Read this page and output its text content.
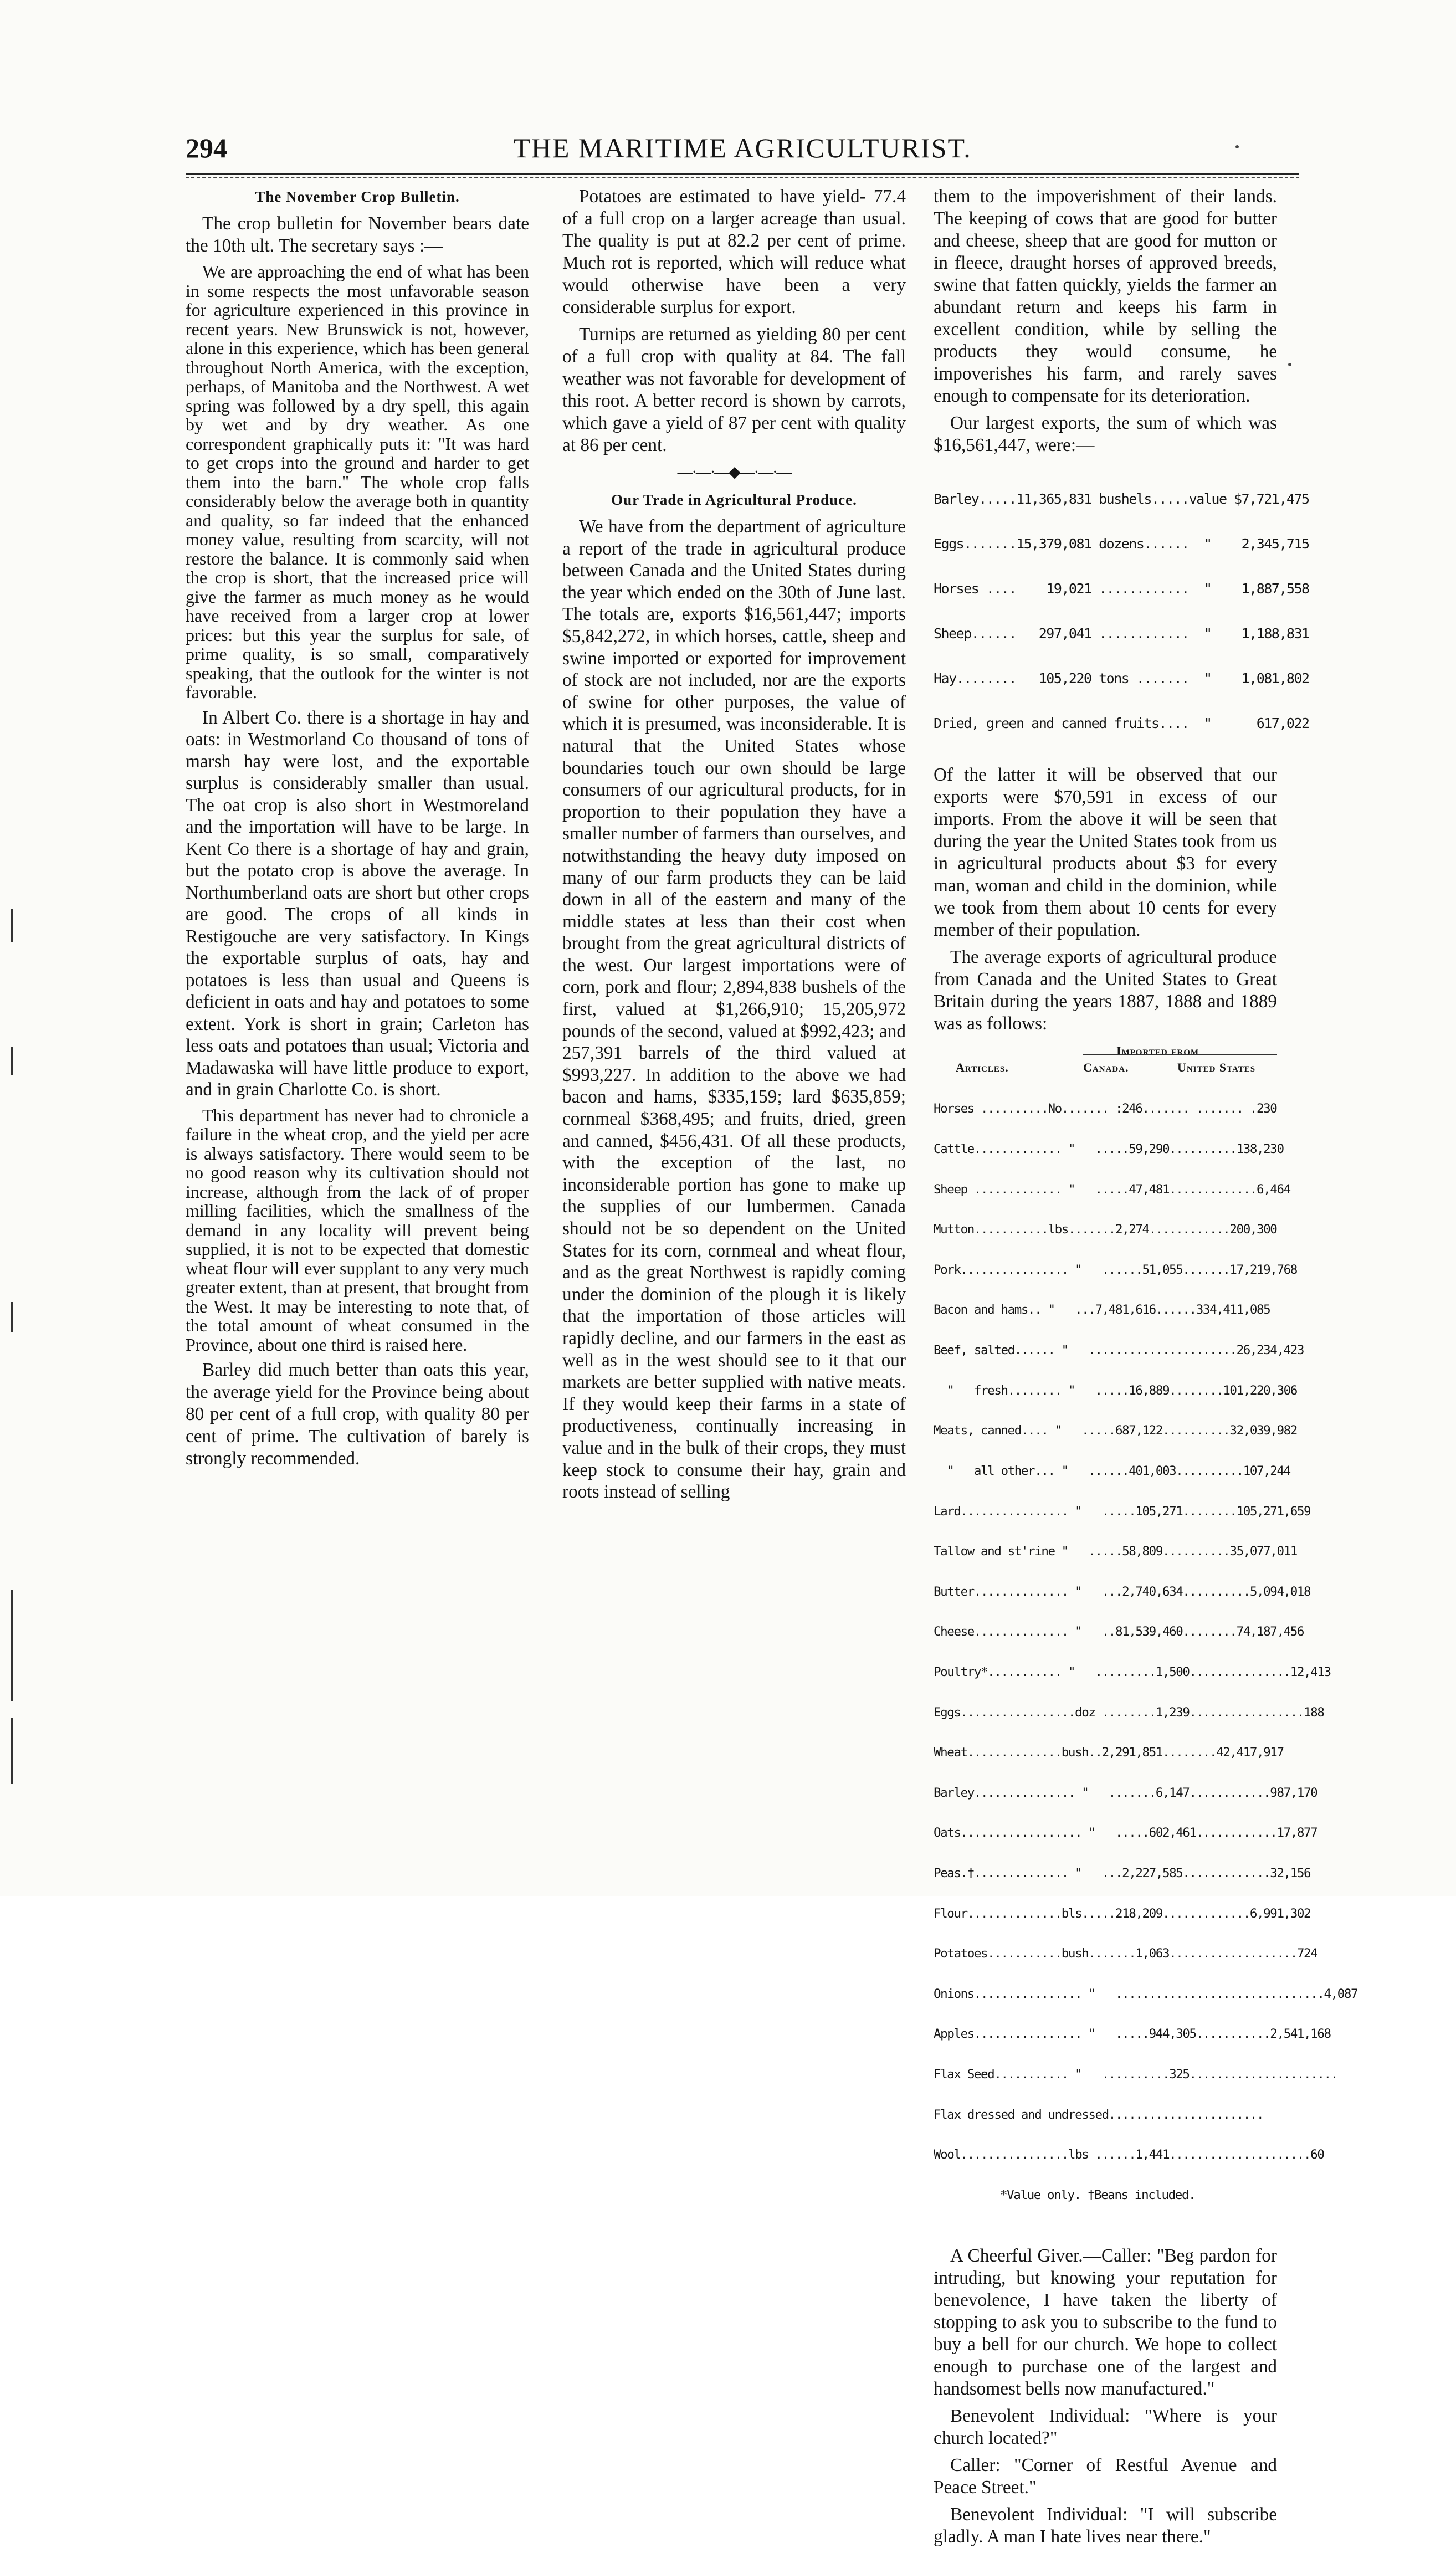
294	THE MARITIME AGRICULTURIST.

The November Crop Bulletin.

The crop bulletin for November bears date the 10th ult. The secretary says :—

We are approaching the end of what has been in some respects the most unfavorable season for agriculture experienced in this province in recent years. New Brunswick is not, however, alone in this experience, which has been general throughout North America, with the exception, perhaps, of Manitoba and the Northwest. A wet spring was followed by a dry spell, this again by wet and by dry weather. As one correspondent graphically puts it: "It was hard to get crops into the ground and harder to get them into the barn." The whole crop falls considerably below the average both in quantity and quality, so far indeed that the enhanced money value, resulting from scarcity, will not restore the balance. It is commonly said when the crop is short, that the increased price will give the farmer as much money as he would have received from a larger crop at lower prices: but this year the surplus for sale, of prime quality, is so small, comparatively speaking, that the outlook for the winter is not favorable.

In Albert Co. there is a shortage in hay and oats: in Westmorland Co thousand of tons of marsh hay were lost, and the exportable surplus is considerably smaller than usual. The oat crop is also short in Westmoreland and the importation will have to be large. In Kent Co there is a shortage of hay and grain, but the potato crop is above the average. In Northumberland oats are short but other crops are good. The crops of all kinds in Restigouche are very satisfactory. In Kings the exportable surplus of oats, hay and potatoes is less than usual and Queens is deficient in oats and hay and potatoes to some extent. York is short in grain; Carleton has less oats and potatoes than usual; Victoria and Madawaska will have little produce to export, and in grain Charlotte Co. is short.

This department has never had to chronicle a failure in the wheat crop, and the yield per acre is always satisfactory. There would seem to be no good reason why its cultivation should not increase, although from the lack of of proper milling facilities, which the smallness of the demand in any locality will prevent being supplied, it is not to be expected that domestic wheat flour will ever supplant to any very much greater extent, than at present, that brought from the West. It may be interesting to note that, of the total amount of wheat consumed in the Province, about one third is raised here.

Barley did much better than oats this year, the average yield for the Province being about 80 per cent of a full crop, with quality 80 per cent of prime. The cultivation of barely is strongly recommended.

Potatoes are estimated to have yield- 77.4 of a full crop on a larger acreage than usual. The quality is put at 82.2 per cent of prime. Much rot is reported, which will reduce what would otherwise have been a very considerable surplus for export.

Turnips are returned as yielding 80 per cent of a full crop with quality at 84. The fall weather was not favorable for development of this root. A better record is shown by carrots, which gave a yield of 87 per cent with quality at 86 per cent.

—·—·—◆—·—·—

Our Trade in Agricultural Produce.

We have from the department of agriculture a report of the trade in agricultural produce between Canada and the United States during the year which ended on the 30th of June last. The totals are, exports $16,561,447; imports $5,842,272, in which horses, cattle, sheep and swine imported or exported for improvement of stock are not included, nor are the exports of swine for other purposes, the value of which it is presumed, was inconsiderable. It is natural that the United States whose boundaries touch our own should be large consumers of our agricultural products, for in proportion to their population they have a smaller number of farmers than ourselves, and notwithstanding the heavy duty imposed on many of our farm products they can be laid down in all of the eastern and many of the middle states at less than their cost when brought from the great agricultural districts of the west. Our largest importations were of corn, pork and flour; 2,894,838 bushels of the first, valued at $1,266,910; 15,205,972 pounds of the second, valued at $992,423; and 257,391 barrels of the third valued at $993,227. In addition to the above we had bacon and hams, $335,159; lard $635,859; cornmeal $368,495; and fruits, dried, green and canned, $456,431. Of all these products, with the exception of the last, no inconsiderable portion has gone to make up the supplies of our lumbermen. Canada should not be so dependent on the United States for its corn, cornmeal and wheat flour, and as the great Northwest is rapidly coming under the dominion of the plough it is likely that the importation of those articles will rapidly decline, and our farmers in the east as well as in the west should see to it that our markets are better supplied with native meats. If they would keep their farms in a state of productiveness, continually increasing in value and in the bulk of their crops, they must keep stock to consume their hay, grain and roots instead of selling

them to the impoverishment of their lands. The keeping of cows that are good for butter and cheese, sheep that are good for mutton or in fleece, draught horses of approved breeds, swine that fatten quickly, yields the farmer an abundant return and keeps his farm in excellent condition, while by selling the products they would consume, he impoverishes his farm, and rarely saves enough to compensate for its deterioration.

Our largest exports, the sum of which was $16,561,447, were:—

Barley.....11,365,831 bushels.....value $7,721,475

Eggs.......15,379,081 dozens......  "    2,345,715

Horses ....    19,021 ............  "    1,887,558

Sheep......   297,041 ............  "    1,188,831

Hay........   105,220 tons .......  "    1,081,802

Dried, green and canned fruits....  "      617,022

Of the latter it will be observed that our exports were $70,591 in excess of our imports. From the above it will be seen that during the year the United States took from us in agricultural products about $3 for every man, woman and child in the dominion, while we took from them about 10 cents for every member of their population.

The average exports of agricultural produce from Canada and the United States to Great Britain during the years 1887, 1888 and 1889 was as follows:

Articles.
Imported from
Canada.	United States

Horses ..........No....... :246....... ....... .230

Cattle............. "   .....59,290..........138,230

Sheep ............. "   .....47,481.............6,464

Mutton...........lbs.......2,274............200,300

Pork................ "   ......51,055.......17,219,768

Bacon and hams.. "   ...7,481,616......334,411,085

Beef, salted...... "   ......................26,234,423

"   fresh........ "   .....16,889........101,220,306

Meats, canned.... "   .....687,122..........32,039,982

"   all other... "   ......401,003..........107,244

Lard................ "   .....105,271........105,271,659

Tallow and st'rine "   .....58,809..........35,077,011

Butter.............. "   ...2,740,634..........5,094,018

Cheese.............. "   ..81,539,460........74,187,456

Poultry*........... "   .........1,500...............12,413

Eggs.................doz ........1,239.................188

Wheat..............bush..2,291,851........42,417,917

Barley............... "   .......6,147............987,170

Oats.................. "   .....602,461............17,877

Peas.†.............. "   ...2,227,585.............32,156

Flour..............bls.....218,209.............6,991,302

Potatoes...........bush.......1,063...................724

Onions................ "   ...............................4,087

Apples................ "   .....944,305...........2,541,168

Flax Seed........... "   ..........325......................

Flax dressed and undressed.......................

Wool................lbs ......1,441.....................60

*Value only. †Beans included.

A Cheerful Giver.—Caller: "Beg pardon for intruding, but knowing your reputation for benevolence, I have taken the liberty of stopping to ask you to subscribe to the fund to buy a bell for our church. We hope to collect enough to purchase one of the largest and handsomest bells now manufactured."

Benevolent Individual: "Where is your church located?"

Caller: "Corner of Restful Avenue and Peace Street."

Benevolent Individual: "I will subscribe gladly. A man I hate lives near there."
